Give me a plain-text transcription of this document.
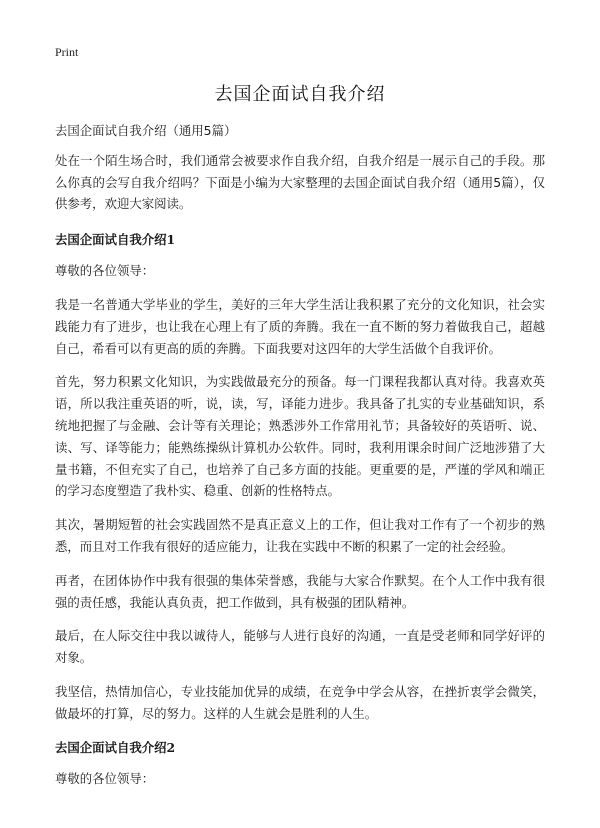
Print
去国企面试自我介绍

去国企面试自我介绍（通用5篇）

处在一个陌生场合时，我们通常会被要求作自我介绍，自我介绍是一展示自己的手段。那么你真的会写自我介绍吗？下面是小编为大家整理的去国企面试自我介绍（通用5篇），仅供参考，欢迎大家阅读。

去国企面试自我介绍1

尊敬的各位领导：

我是一名普通大学毕业的学生，美好的三年大学生活让我积累了充分的文化知识，社会实践能力有了进步，也让我在心理上有了质的奔腾。我在一直不断的努力着做我自己，超越自己，希看可以有更高的质的奔腾。下面我要对这四年的大学生活做个自我评价。

首先，努力积累文化知识，为实践做最充分的预备。每一门课程我都认真对待。我喜欢英语，所以我注重英语的听，说，读，写，译能力进步。我具备了扎实的专业基础知识，系统地把握了与金融、会计等有关理论；熟悉涉外工作常用礼节；具备较好的英语听、说、读、写、译等能力；能熟练操纵计算机办公软件。同时，我利用课余时间广泛地涉猎了大量书籍，不但充实了自己，也培养了自己多方面的技能。更重要的是，严谨的学风和端正的学习态度塑造了我朴实、稳重、创新的性格特点。

其次，暑期短暂的社会实践固然不是真正意义上的工作，但让我对工作有了一个初步的熟悉，而且对工作我有很好的适应能力，让我在实践中不断的积累了一定的社会经验。

再者，在团体协作中我有很强的集体荣誉感，我能与大家合作默契。在个人工作中我有很强的责任感，我能认真负责，把工作做到，具有极强的团队精神。

最后，在人际交往中我以诚待人，能够与人进行良好的沟通，一直是受老师和同学好评的对象。

我坚信，热情加信心，专业技能加优异的成绩，在竞争中学会从容，在挫折衷学会微笑，做最坏的打算，尽的努力。这样的人生就会是胜利的人生。

去国企面试自我介绍2

尊敬的各位领导：
